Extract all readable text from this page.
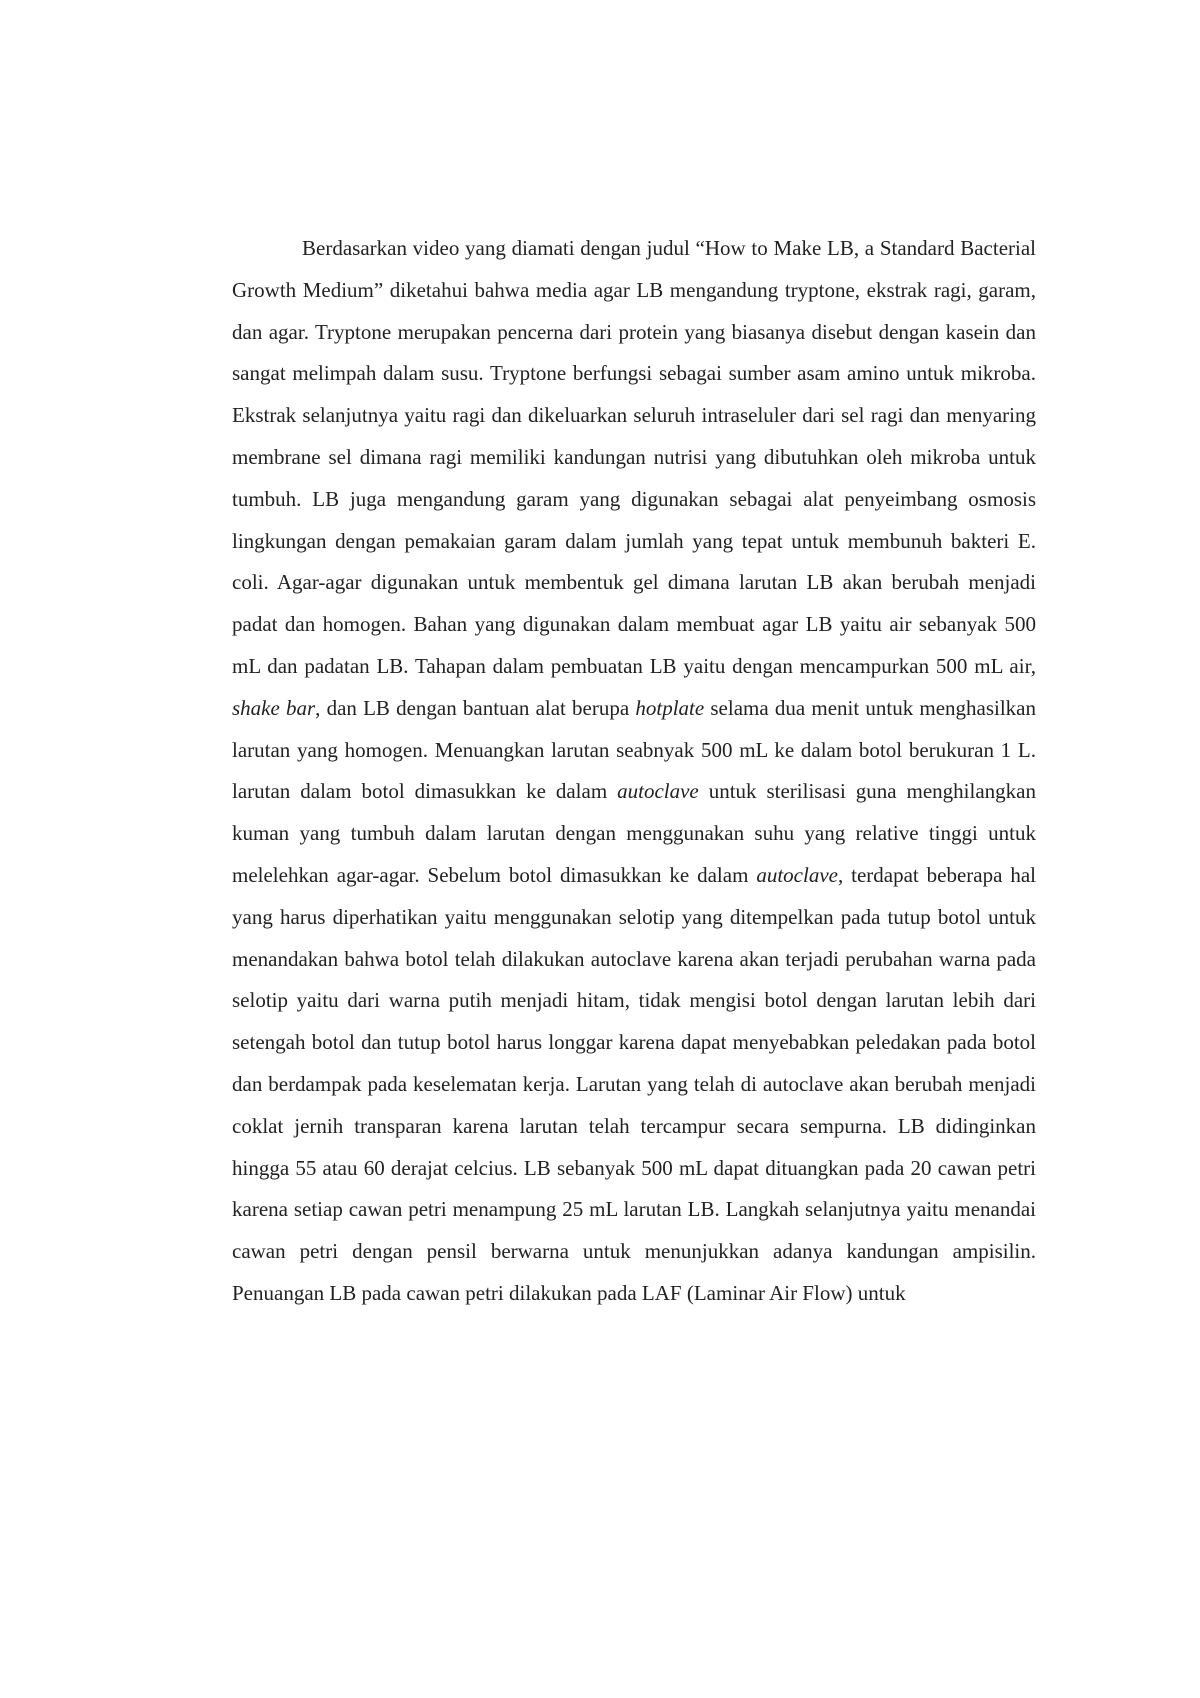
Berdasarkan video yang diamati dengan judul “How to Make LB, a Standard Bacterial Growth Medium” diketahui bahwa media agar LB mengandung tryptone, ekstrak ragi, garam, dan agar. Tryptone merupakan pencerna dari protein yang biasanya disebut dengan kasein dan sangat melimpah dalam susu. Tryptone berfungsi sebagai sumber asam amino untuk mikroba. Ekstrak selanjutnya yaitu ragi dan dikeluarkan seluruh intraseluler dari sel ragi dan menyaring membrane sel dimana ragi memiliki kandungan nutrisi yang dibutuhkan oleh mikroba untuk tumbuh. LB juga mengandung garam yang digunakan sebagai alat penyeimbang osmosis lingkungan dengan pemakaian garam dalam jumlah yang tepat untuk membunuh bakteri E. coli. Agar-agar digunakan untuk membentuk gel dimana larutan LB akan berubah menjadi padat dan homogen. Bahan yang digunakan dalam membuat agar LB yaitu air sebanyak 500 mL dan padatan LB. Tahapan dalam pembuatan LB yaitu dengan mencampurkan 500 mL air, shake bar, dan LB dengan bantuan alat berupa hotplate selama dua menit untuk menghasilkan larutan yang homogen. Menuangkan larutan seabnyak 500 mL ke dalam botol berukuran 1 L. larutan dalam botol dimasukkan ke dalam autoclave untuk sterilisasi guna menghilangkan kuman yang tumbuh dalam larutan dengan menggunakan suhu yang relative tinggi untuk melelehkan agar-agar. Sebelum botol dimasukkan ke dalam autoclave, terdapat beberapa hal yang harus diperhatikan yaitu menggunakan selotip yang ditempelkan pada tutup botol untuk menandakan bahwa botol telah dilakukan autoclave karena akan terjadi perubahan warna pada selotip yaitu dari warna putih menjadi hitam, tidak mengisi botol dengan larutan lebih dari setengah botol dan tutup botol harus longgar karena dapat menyebabkan peledakan pada botol dan berdampak pada keselematan kerja. Larutan yang telah di autoclave akan berubah menjadi coklat jernih transparan karena larutan telah tercampur secara sempurna. LB didinginkan hingga 55 atau 60 derajat celcius. LB sebanyak 500 mL dapat dituangkan pada 20 cawan petri karena setiap cawan petri menampung 25 mL larutan LB. Langkah selanjutnya yaitu menandai cawan petri dengan pensil berwarna untuk menunjukkan adanya kandungan ampisilin. Penuangan LB pada cawan petri dilakukan pada LAF (Laminar Air Flow) untuk
